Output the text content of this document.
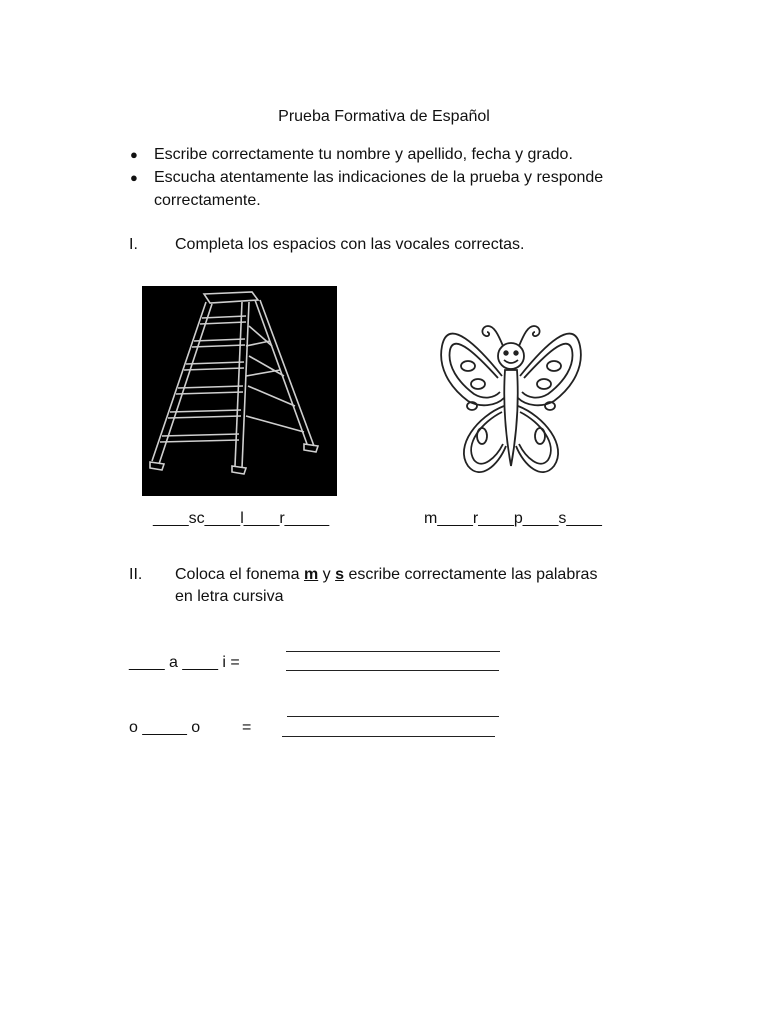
Prueba Formativa de Español
●	Escribe correctamente tu nombre y apellido, fecha y grado.
●	Escucha atentamente las indicaciones de la prueba y responde correctamente.
I. Completa los espacios con las vocales correctas.
____sc____l____r_____	m____r____p____s____
II. Coloca el fonema m y s escribe correctamente las palabras
en letra cursiva
____ a ____ i =
o _____ o	=
